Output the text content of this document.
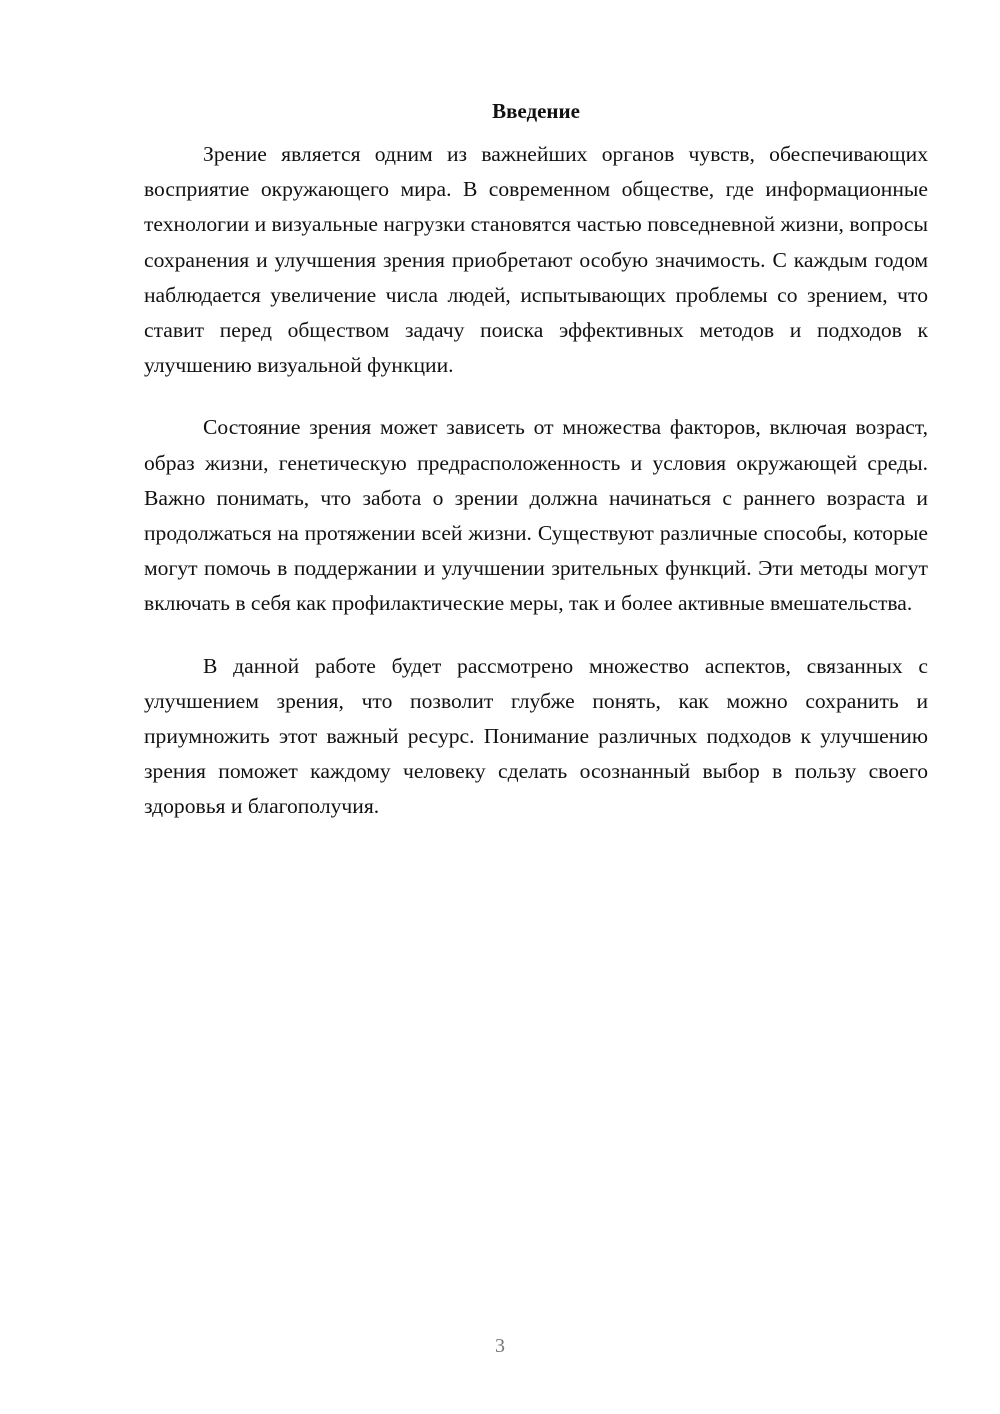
Введение

Зрение является одним из важнейших органов чувств, обеспечивающих восприятие окружающего мира. В современном обществе, где информационные технологии и визуальные нагрузки становятся частью повседневной жизни, вопросы сохранения и улучшения зрения приобретают особую значимость. С каждым годом наблюдается увеличение числа людей, испытывающих проблемы со зрением, что ставит перед обществом задачу поиска эффективных методов и подходов к улучшению визуальной функции.

Состояние зрения может зависеть от множества факторов, включая возраст, образ жизни, генетическую предрасположенность и условия окружающей среды. Важно понимать, что забота о зрении должна начинаться с раннего возраста и продолжаться на протяжении всей жизни. Существуют различные способы, которые могут помочь в поддержании и улучшении зрительных функций. Эти методы могут включать в себя как профилактические меры, так и более активные вмешательства.

В данной работе будет рассмотрено множество аспектов, связанных с улучшением зрения, что позволит глубже понять, как можно сохранить и приумножить этот важный ресурс. Понимание различных подходов к улучшению зрения поможет каждому человеку сделать осознанный выбор в пользу своего здоровья и благополучия.

3
